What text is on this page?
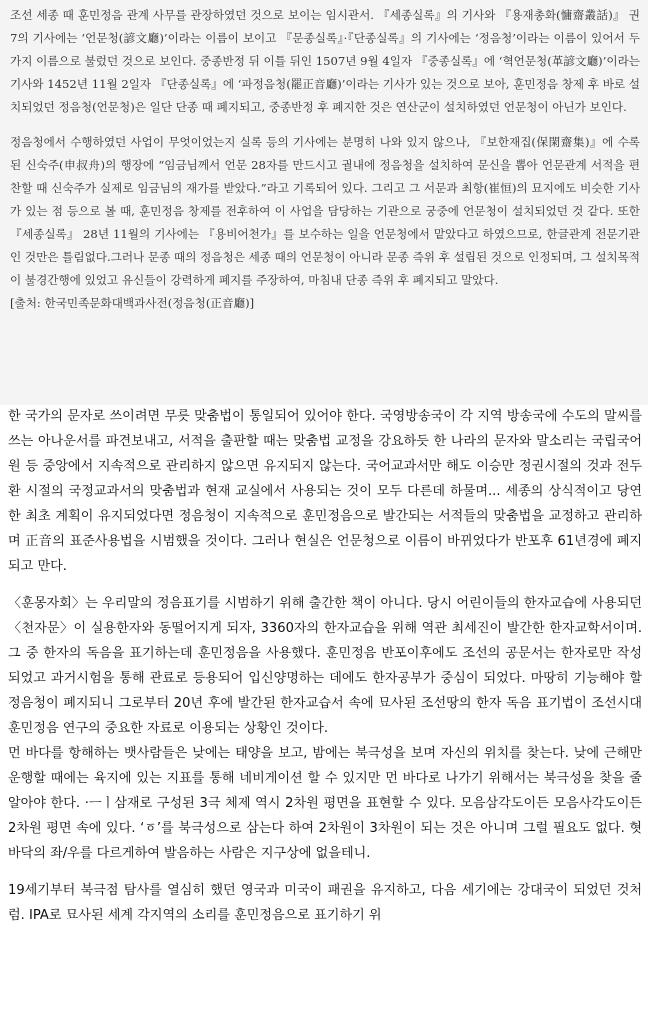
조선 세종 때 훈민정음 관계 사무를 관장하였던 것으로 보이는 임시관서. 『세종실록』의 기사와 『용재총화(慵齋叢話)』 권7의 기사에는 ‘언문청(諺文廳)’이라는 이름이 보이고 『문종실록』·『단종실록』의 기사에는 ‘정음청’이라는 이름이 있어서 두 가지 이름으로 불렀던 것으로 보인다. 중종반정 뒤 이틀 뒤인 1507년 9월 4일자 『중종실록』에 ‘혁언문청(革諺文廳)’이라는 기사와 1452년 11월 2일자 『단종실록』에 ‘파정음청(罷正音廳)’이라는 기사가 있는 것으로 보아, 훈민정음 창제 후 바로 설치되었던 정음청(언문청)은 일단 단종 때 폐지되고, 중종반정 후 폐지한 것은 연산군이 설치하였던 언문청이 아닌가 보인다.

정음청에서 수행하였던 사업이 무엇이었는지 실록 등의 기사에는 분명히 나와 있지 않으나, 『보한재집(保閑齋集)』에 수록된 신숙주(申叔舟)의 행장에 “임금님께서 언문 28자를 만드시고 궐내에 정음청을 설치하여 문신을 뽑아 언문관계 서적을 편찬할 때 신숙주가 실제로 임금님의 재가를 받았다.”라고 기록되어 있다. 그리고 그 서문과 최항(崔恒)의 묘지에도 비슷한 기사가 있는 점 등으로 볼 때, 훈민정음 창제를 전후하여 이 사업을 담당하는 기관으로 궁중에 언문청이 설치되었던 것 같다. 또한 『세종실록』 28년 11월의 기사에는 『용비어천가』를 보수하는 일을 언문청에서 맡았다고 하였으므로, 한글관계 전문기관인 것만은 틀림없다.그러나 문종 때의 정음청은 세종 때의 언문청이 아니라 문종 즉위 후 설립된 것으로 인정되며, 그 설치목적이 불경간행에 있었고 유신들이 강력하게 폐지를 주장하여, 마침내 단종 즉위 후 폐지되고 말았다.

[출처: 한국민족문화대백과사전(정음청(正音廳)]

한 국가의 문자로 쓰이려면 무릇 맞춤법이 통일되어 있어야 한다. 국영방송국이 각 지역 방송국에 수도의 말씨를 쓰는 아나운서를 파견보내고, 서적을 출판할 때는 맞춤법 교정을 강요하듯 한 나라의 문자와 말소리는 국립국어원 등 중앙에서 지속적으로 관리하지 않으면 유지되지 않는다. 국어교과서만 해도 이승만 정권시절의 것과 전두환 시절의 국정교과서의 맞춤법과 현재 교실에서 사용되는 것이 모두 다른데 하물며... 세종의 상식적이고 당연한 최초 계획이 유지되었다면 정음청이 지속적으로 훈민정음으로 발간되는 서적들의 맞춤법을 교정하고 관리하며 正音의 표준사용법을 시범했을 것이다. 그러나 현실은 언문청으로 이름이 바뀌었다가 반포후 61년경에 폐지되고 만다.

〈훈몽자회〉는 우리말의 정음표기를 시범하기 위해 출간한 책이 아니다. 당시 어린이들의 한자교습에 사용되던 〈천자문〉이 실용한자와 동떨어지게 되자, 3360자의 한자교습을 위해 역관 최세진이 발간한 한자교학서이며. 그 중 한자의 독음을 표기하는데 훈민정음을 사용했다. 훈민정음 반포이후에도 조선의 공문서는 한자로만 작성되었고 과거시험을 통해 관료로 등용되어 입신양명하는 데에도 한자공부가 중심이 되었다. 마땅히 기능해야 할 정음청이 폐지되니 그로부터 20년 후에 발간된 한자교습서 속에 묘사된 조선땅의 한자 독음 표기법이 조선시대 훈민정음 연구의 중요한 자료로 이용되는 상황인 것이다.

먼 바다를 항해하는 뱃사람들은 낮에는 태양을 보고, 밤에는 북극성을 보며 자신의 위치를 찾는다. 낮에 근해만 운행할 때에는 육지에 있는 지표를 통해 네비게이션 할 수 있지만 먼 바다로 나가기 위해서는 북극성을 찾을 줄 알아야 한다. ·ㅡㅣ삼재로 구성된 3극 체제 역시 2차원 평면을 표현할 수 있다. 모음삼각도이든 모음사각도이든 2차원 평면 속에 있다. ‘ㆆ’를 북극성으로 삼는다 하여 2차원이 3차원이 되는 것은 아니며 그럴 필요도 없다. 혓바닥의 좌/우를 다르게하여 발음하는 사람은 지구상에 없을테니.

19세기부터 북극점 탐사를 열심히 했던 영국과 미국이 패권을 유지하고, 다음 세기에는 강대국이 되었던 것처럼. IPA로 묘사된 세계 각지역의 소리를 훈민정음으로 표기하기 위
